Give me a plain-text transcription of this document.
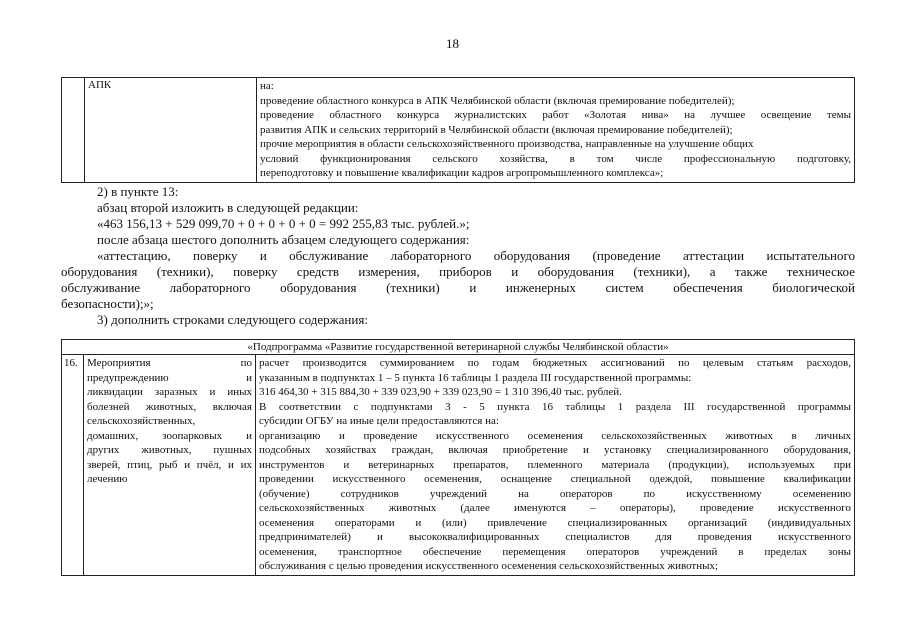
18
АПК	на:
проведение областного конкурса в АПК Челябинской области (включая премирование победителей);
проведение областного конкурса журналистских работ «Золотая нива» на лучшее освещение темы
развития АПК и сельских территорий в Челябинской области (включая премирование победителей);
прочие мероприятия в области сельскохозяйственного производства, направленные на улучшение общих
условий функционирования сельского хозяйства, в том числе профессиональную подготовку,
переподготовку и повышение квалификации кадров агропромышленного комплекса»;
2) в пункте 13:
абзац второй изложить в следующей редакции:
«463 156,13 + 529 099,70 + 0 + 0 + 0 + 0 = 992 255,83 тыс. рублей.»;
после абзаца шестого дополнить абзацем следующего содержания:
«аттестацию, поверку и обслуживание лабораторного оборудования (проведение аттестации испытательного
оборудования (техники), поверку средств измерения, приборов и оборудования (техники), а также техническое
обслуживание лабораторного оборудования (техники) и инженерных систем обеспечения биологической
безопасности);»;
3) дополнить строками следующего содержания:
«Подпрограмма «Развитие государственной ветеринарной службы Челябинской области»
16. Мероприятия по
предупреждению и
ликвидации заразных и иных
болезней животных, включая
сельскохозяйственных,
домашних, зоопарковых и
других животных, пушных
зверей, птиц, рыб и пчёл, и их
лечению
расчет производится суммированием по годам бюджетных ассигнований по целевым статьям расходов,
указанным в подпунктах 1 – 5 пункта 16 таблицы 1 раздела III государственной программы:
316 464,30 + 315 884,30 + 339 023,90 + 339 023,90 = 1 310 396,40 тыс. рублей.
В соответствии с подпунктами 3 - 5 пункта 16 таблицы 1 раздела III государственной программы
субсидии ОГБУ на иные цели предоставляются на:
организацию и проведение искусственного осеменения сельскохозяйственных животных в личных
подсобных хозяйствах граждан, включая приобретение и установку специализированного оборудования,
инструментов и ветеринарных препаратов, племенного материала (продукции), используемых при
проведении искусственного осеменения, оснащение специальной одеждой, повышение квалификации
(обучение) сотрудников учреждений на операторов по искусственному осеменению
сельскохозяйственных животных (далее именуются – операторы), проведение искусственного
осеменения операторами и (или) привлечение специализированных организаций (индивидуальных
предпринимателей) и высококвалифицированных специалистов для проведения искусственного
осеменения, транспортное обеспечение перемещения операторов учреждений в пределах зоны
обслуживания с целью проведения искусственного осеменения сельскохозяйственных животных;
